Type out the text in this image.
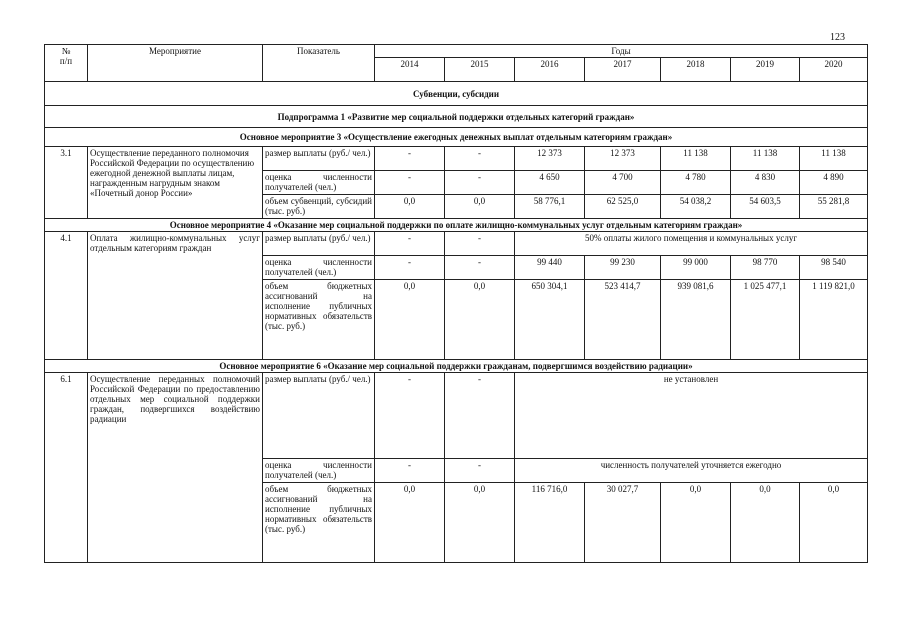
123
№
п/п	Мероприятие	Показатель	Годы						
			2014	2015	2016	2017	2018	2019	2020
Субвенции, субсидии									
Подпрограмма 1 «Развитие мер социальной поддержки отдельных категорий граждан»									
Основное мероприятие 3 «Осуществление ежегодных денежных выплат отдельным категориям граждан»									
3.1	Осуществление переданного полномочия Российской Федерации по осуществлению ежегодной денежной выплаты лицам, награжденным нагрудным знаком «Почетный донор России»	размер выплаты (руб./ чел.)	-	-	12 373	12 373	11 138	11 138	11 138
		оценка численности получателей (чел.)	-	-	4 650	4 700	4 780	4 830	4 890
		объем субвенций, субсидий (тыс. руб.)	0,0	0,0	58 776,1	62 525,0	54 038,2	54 603,5	55 281,8
Основное мероприятие 4 «Оказание мер социальной поддержки по оплате жилищно-коммунальных услуг отдельным категориям граждан»									
4.1	Оплата жилищно-коммунальных услуг отдельным категориям граждан	размер выплаты (руб./ чел.)	-	-	50% оплаты жилого помещения и коммунальных услуг				
		оценка численности получателей (чел.)	-	-	99 440	99 230	99 000	98 770	98 540
		объем бюджетных ассигнований на исполнение публичных нормативных обязательств (тыс. руб.)	0,0	0,0	650 304,1	523 414,7	939 081,6	1 025 477,1	1 119 821,0
Основное мероприятие 6 «Оказание мер социальной поддержки гражданам, подвергшимся воздействию радиации»									
6.1	Осуществление переданных полномочий Российской Федерации по предоставлению отдельных мер социальной поддержки граждан, подвергшихся воздействию радиации	размер выплаты (руб./ чел.)	-	-	не установлен				
		оценка численности получателей (чел.)	-	-	численность получателей уточняется ежегодно				
		объем бюджетных ассигнований на исполнение публичных нормативных обязательств (тыс. руб.)	0,0	0,0	116 716,0	30 027,7	0,0	0,0	0,0
